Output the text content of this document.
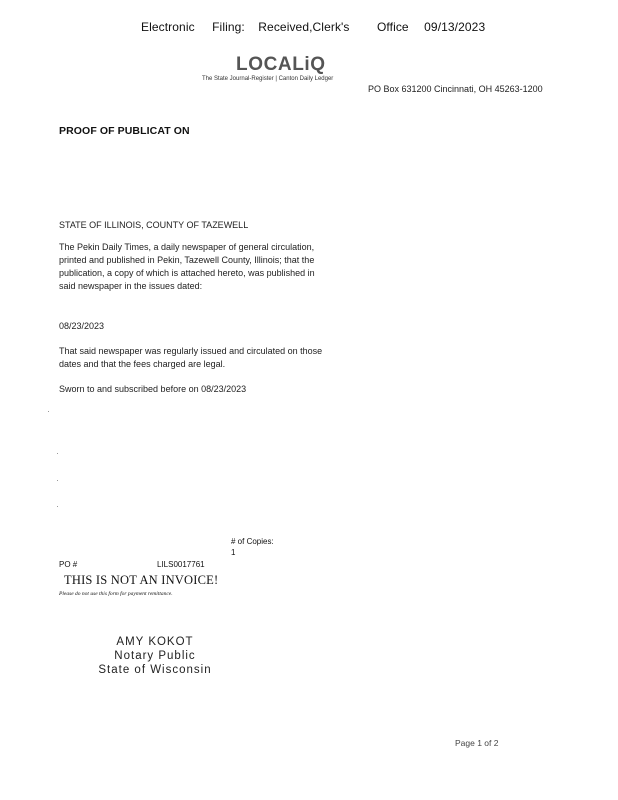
Electronic Filing: Received,Clerk's Office 09/13/2023
LOCALiQ
The State Journal-Register | Canton Daily Ledger
PO Box 631200 Cincinnati, OH 45263-1200
PROOF OF PUBLICAT ON
STATE OF ILLINOIS, COUNTY OF TAZEWELL
The Pekin Daily Times, a daily newspaper of general circulation, printed and published in Pekin, Tazewell County, Illinois; that the publication, a copy of which is attached hereto, was published in said newspaper in the issues dated:
08/23/2023
That said newspaper was regularly issued and circulated on those dates and that the fees charged are legal.
Sworn to and subscribed before on 08/23/2023
# of Copies:
1
PO #	LILS0017761
THIS IS NOT AN INVOICE!
Please do not use this form for payment remittance.
AMY KOKOT
Notary Public
State of Wisconsin
Page 1 of 2
